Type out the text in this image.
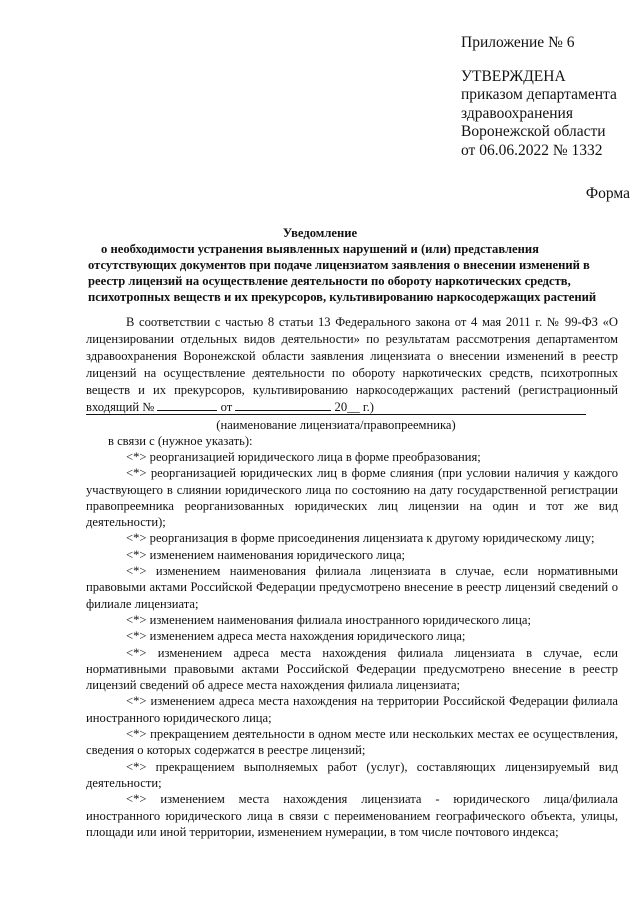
Приложение № 6
УТВЕРЖДЕНА
приказом департамента
здравоохранения
Воронежской области
от 06.06.2022 № 1332
Форма
Уведомление
о необходимости устранения выявленных нарушений и (или) представления
отсутствующих документов при подаче лицензиатом заявления о внесении изменений в
реестр лицензий на осуществление деятельности по обороту наркотических средств,
психотропных веществ и их прекурсоров, культивированию наркосодержащих растений

В соответствии с частью 8 статьи 13 Федерального закона от 4 мая 2011 г. № 99-ФЗ «О лицензировании отдельных видов деятельности» по результатам рассмотрения департаментом здравоохранения Воронежской области заявления лицензиата о внесении изменений в реестр лицензий на осуществление деятельности по обороту наркотических средств, психотропных веществ и их прекурсоров, культивированию наркосодержащих растений (регистрационный входящий №	от	20__ г.)

(наименование лицензиата/правопреемника)
в связи с (нужное указать):

<*> реорганизацией юридического лица в форме преобразования;

<*> реорганизацией юридических лиц в форме слияния (при условии наличия у каждого участвующего в слиянии юридического лица по состоянию на дату государственной регистрации правопреемника реорганизованных юридических лиц лицензии на один и тот же вид деятельности);

<*> реорганизация в форме присоединения лицензиата к другому юридическому лицу;

<*> изменением наименования юридического лица;

<*> изменением наименования филиала лицензиата в случае, если нормативными правовыми актами Российской Федерации предусмотрено внесение в реестр лицензий сведений о филиале лицензиата;

<*> изменением наименования филиала иностранного юридического лица;

<*> изменением адреса места нахождения юридического лица;

<*> изменением адреса места нахождения филиала лицензиата в случае, если нормативными правовыми актами Российской Федерации предусмотрено внесение в реестр лицензий сведений об адресе места нахождения филиала лицензиата;

<*> изменением адреса места нахождения на территории Российской Федерации филиала иностранного юридического лица;

<*> прекращением деятельности в одном месте или нескольких местах ее осуществления, сведения о которых содержатся в реестре лицензий;

<*> прекращением выполняемых работ (услуг), составляющих лицензируемый вид деятельности;

<*> изменением места нахождения лицензиата - юридического лица/филиала иностранного юридического лица в связи с переименованием географического объекта, улицы, площади или иной территории, изменением нумерации, в том числе почтового индекса;
